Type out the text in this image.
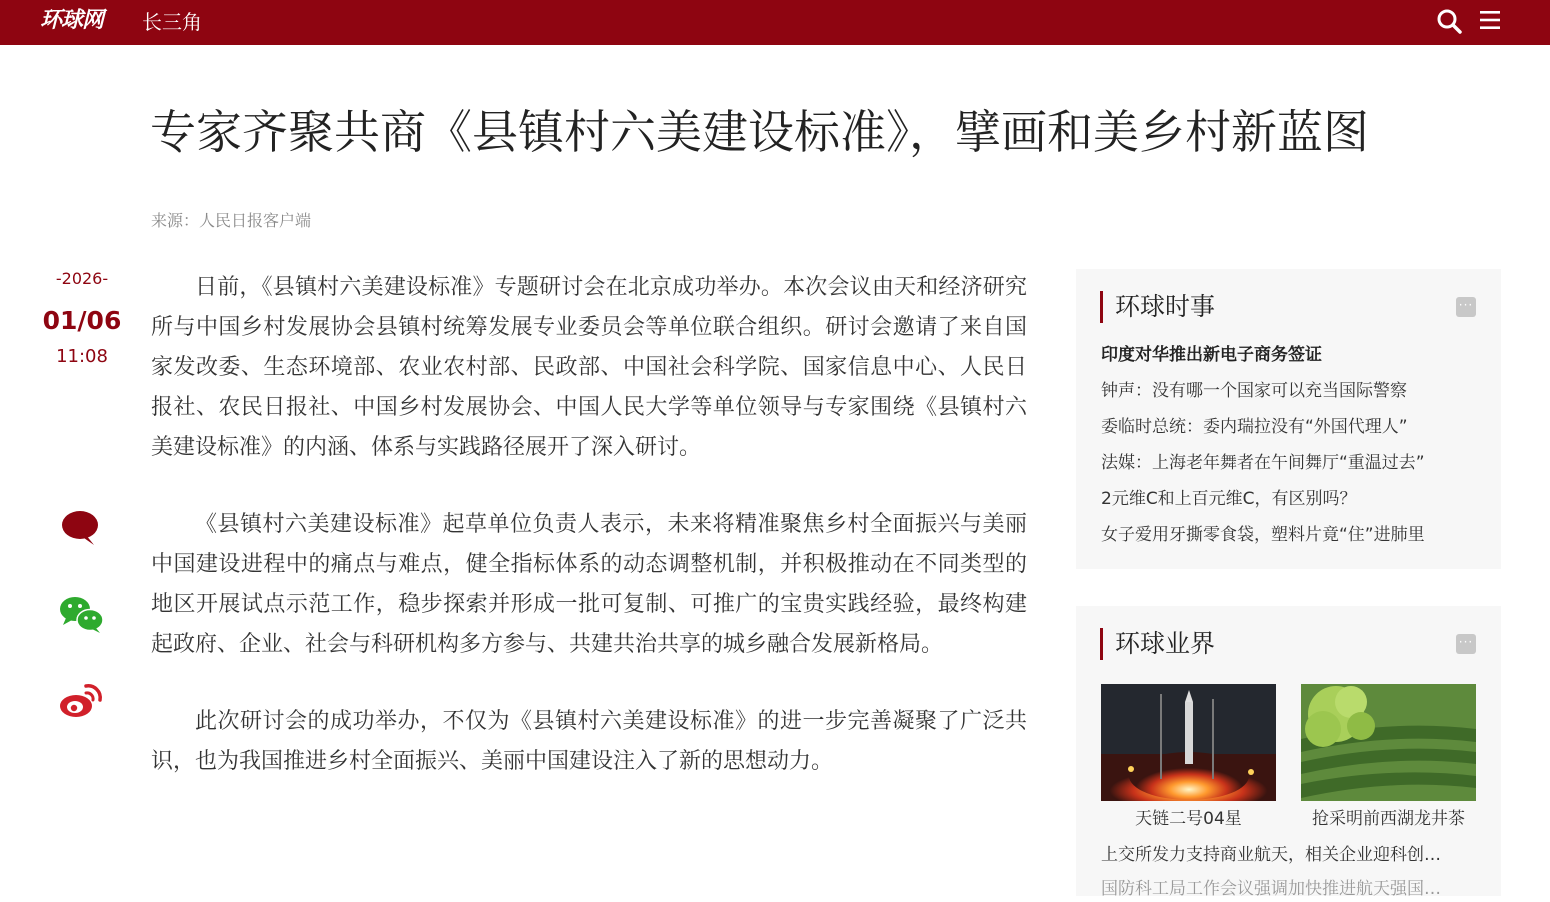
环球网 长三角
专家齐聚共商《县镇村六美建设标准》，擘画和美乡村新蓝图
来源：人民日报客户端
-2026-
01/06
11:08

日前，《县镇村六美建设标准》专题研讨会在北京成功举办。本次会议由天和经济研究所与中国乡村发展协会县镇村统筹发展专业委员会等单位联合组织。研讨会邀请了来自国家发改委、生态环境部、农业农村部、民政部、中国社会科学院、国家信息中心、人民日报社、农民日报社、中国乡村发展协会、中国人民大学等单位领导与专家围绕《县镇村六美建设标准》的内涵、体系与实践路径展开了深入研讨。

《县镇村六美建设标准》起草单位负责人表示，未来将精准聚焦乡村全面振兴与美丽中国建设进程中的痛点与难点，健全指标体系的动态调整机制，并积极推动在不同类型的地区开展试点示范工作，稳步探索并形成一批可复制、可推广的宝贵实践经验，最终构建起政府、企业、社会与科研机构多方参与、共建共治共享的城乡融合发展新格局。

此次研讨会的成功举办，不仅为《县镇村六美建设标准》的进一步完善凝聚了广泛共识，也为我国推进乡村全面振兴、美丽中国建设注入了新的思想动力。

环球时事	···
印度对华推出新电子商务签证
钟声：没有哪一个国家可以充当国际警察
委临时总统：委内瑞拉没有“外国代理人”
法媒：上海老年舞者在午间舞厅“重温过去”
2元维C和上百元维C，有区别吗？
女子爱用牙撕零食袋，塑料片竟“住”进肺里
环球业界	···
天链二号04星	抢采明前西湖龙井茶
上交所发力支持商业航天，相关企业迎科创…
国防科工局工作会议强调加快推进航天强国…
